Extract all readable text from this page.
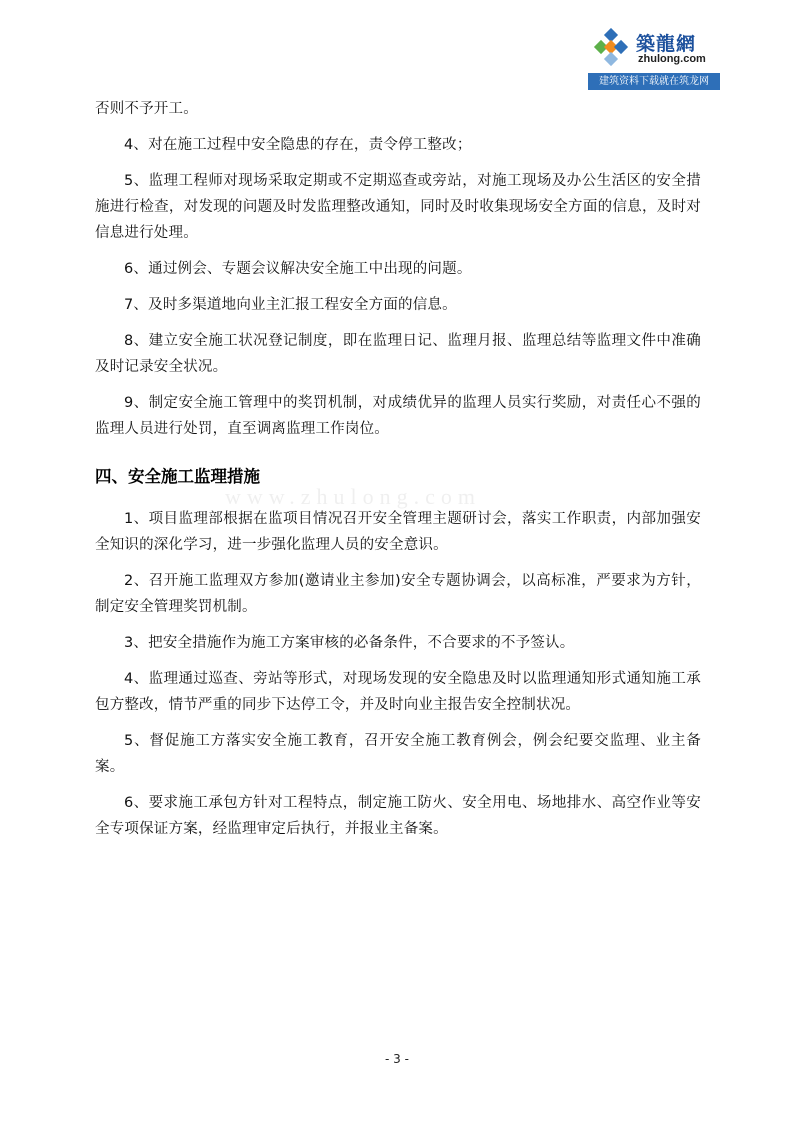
築龍網
zhulong.com
建筑资料下载就在筑龙网
www.zhulong.com

否则不予开工。

4、对在施工过程中安全隐患的存在，责令停工整改；

5、监理工程师对现场采取定期或不定期巡查或旁站，对施工现场及办公生活区的安全措施进行检查，对发现的问题及时发监理整改通知，同时及时收集现场安全方面的信息，及时对信息进行处理。

6、通过例会、专题会议解决安全施工中出现的问题。

7、及时多渠道地向业主汇报工程安全方面的信息。

8、建立安全施工状况登记制度，即在监理日记、监理月报、监理总结等监理文件中准确及时记录安全状况。

9、制定安全施工管理中的奖罚机制，对成绩优异的监理人员实行奖励，对责任心不强的监理人员进行处罚，直至调离监理工作岗位。

四、安全施工监理措施

1、项目监理部根据在监项目情况召开安全管理主题研讨会，落实工作职责，内部加强安全知识的深化学习，进一步强化监理人员的安全意识。

2、召开施工监理双方参加(邀请业主参加)安全专题协调会，以高标准，严要求为方针，制定安全管理奖罚机制。

3、把安全措施作为施工方案审核的必备条件，不合要求的不予签认。

4、监理通过巡查、旁站等形式，对现场发现的安全隐患及时以监理通知形式通知施工承包方整改，情节严重的同步下达停工令，并及时向业主报告安全控制状况。

5、督促施工方落实安全施工教育，召开安全施工教育例会，例会纪要交监理、业主备案。

6、要求施工承包方针对工程特点，制定施工防火、安全用电、场地排水、高空作业等安全专项保证方案，经监理审定后执行，并报业主备案。

- 3 -
